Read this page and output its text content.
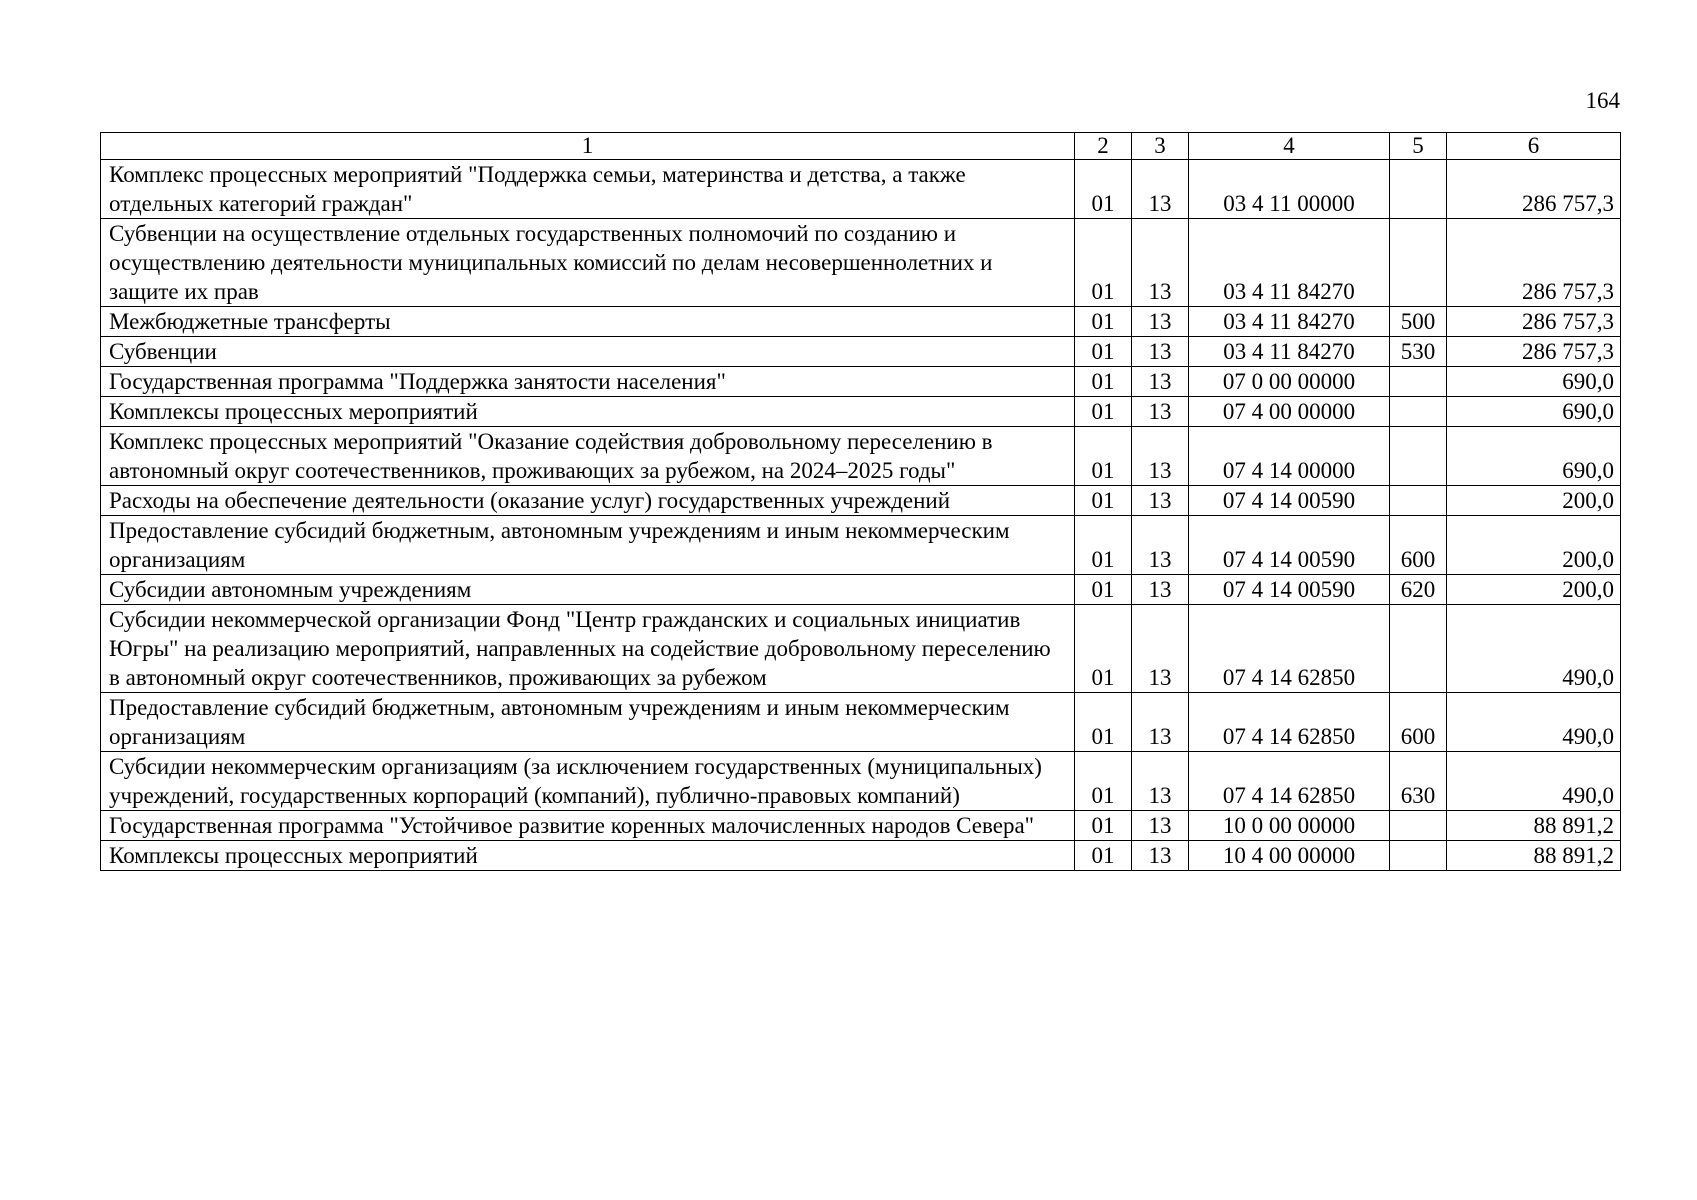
164
1	2	3	4	5	6
Комплекс процессных мероприятий "Поддержка семьи, материнства и детства, а также отдельных категорий граждан"	01	13	03 4 11 00000		286 757,3
Субвенции на осуществление отдельных государственных полномочий по созданию и осуществлению деятельности муниципальных комиссий по делам несовершеннолетних и защите их прав	01	13	03 4 11 84270		286 757,3
Межбюджетные трансферты	01	13	03 4 11 84270	500	286 757,3
Субвенции	01	13	03 4 11 84270	530	286 757,3
Государственная программа "Поддержка занятости населения"	01	13	07 0 00 00000		690,0
Комплексы процессных мероприятий	01	13	07 4 00 00000		690,0
Комплекс процессных мероприятий "Оказание содействия добровольному переселению в автономный округ соотечественников, проживающих за рубежом, на 2024–2025 годы"	01	13	07 4 14 00000		690,0
Расходы на обеспечение деятельности (оказание услуг) государственных учреждений	01	13	07 4 14 00590		200,0
Предоставление субсидий бюджетным, автономным учреждениям и иным некоммерческим организациям	01	13	07 4 14 00590	600	200,0
Субсидии автономным учреждениям	01	13	07 4 14 00590	620	200,0
Субсидии некоммерческой организации Фонд "Центр гражданских и социальных инициатив Югры" на реализацию мероприятий, направленных на содействие добровольному переселению в автономный округ соотечественников, проживающих за рубежом	01	13	07 4 14 62850		490,0
Предоставление субсидий бюджетным, автономным учреждениям и иным некоммерческим организациям	01	13	07 4 14 62850	600	490,0
Субсидии некоммерческим организациям (за исключением государственных (муниципальных) учреждений, государственных корпораций (компаний), публично-правовых компаний)	01	13	07 4 14 62850	630	490,0
Государственная программа "Устойчивое развитие коренных малочисленных народов Севера"	01	13	10 0 00 00000		88 891,2
Комплексы процессных мероприятий	01	13	10 4 00 00000		88 891,2
